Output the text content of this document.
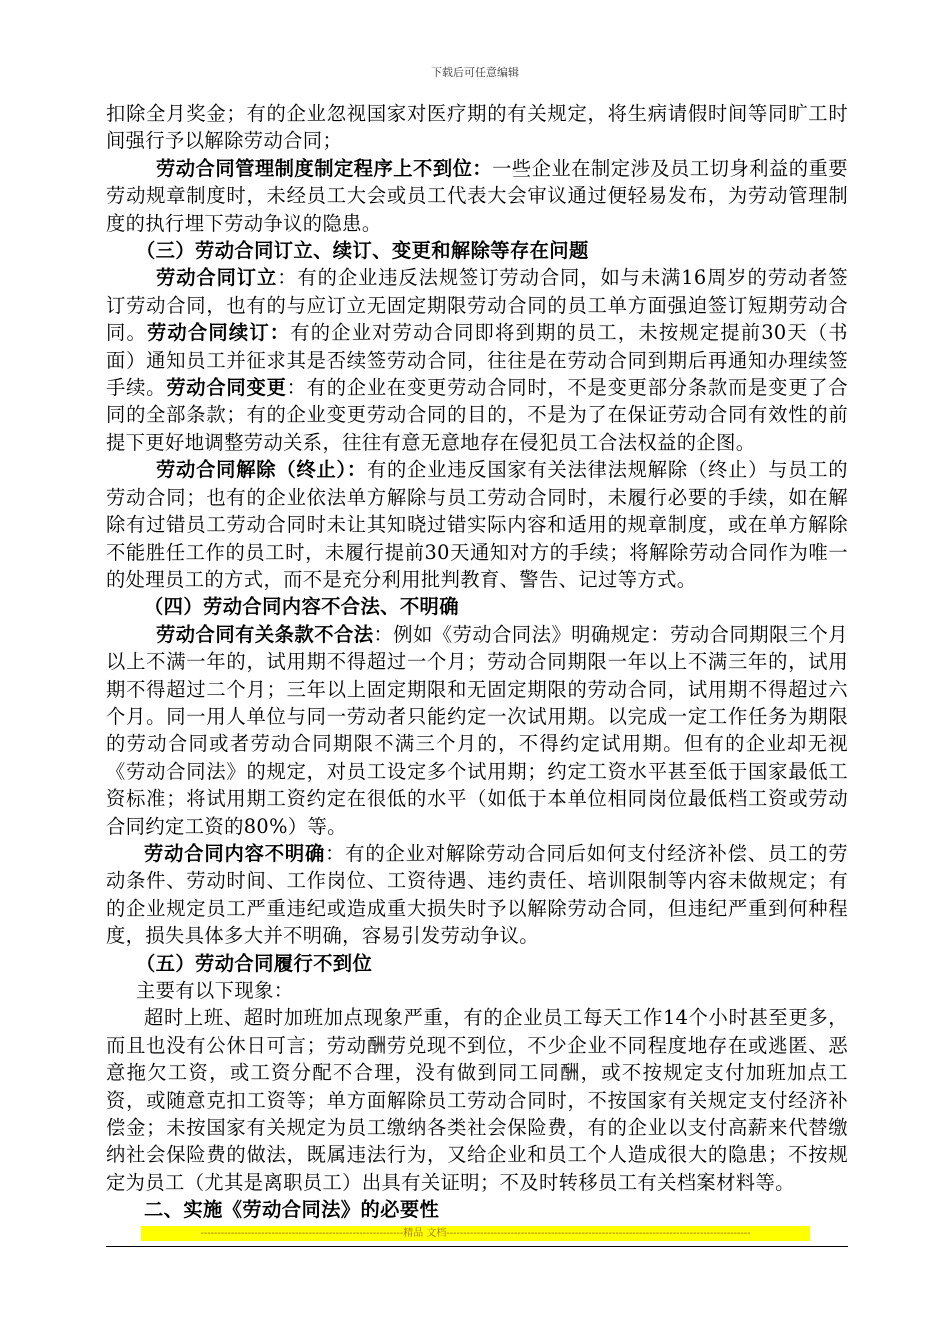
下载后可任意编辑

扣除全月奖金；有的企业忽视国家对医疗期的有关规定，将生病请假时间等同旷工时间强行予以解除劳动合同；

劳动合同管理制度制定程序上不到位：一些企业在制定涉及员工切身利益的重要劳动规章制度时，未经员工大会或员工代表大会审议通过便轻易发布，为劳动管理制度的执行埋下劳动争议的隐患。

（三）劳动合同订立、续订、变更和解除等存在问题

劳动合同订立：有的企业违反法规签订劳动合同，如与未满16周岁的劳动者签订劳动合同，也有的与应订立无固定期限劳动合同的员工单方面强迫签订短期劳动合同。劳动合同续订：有的企业对劳动合同即将到期的员工，未按规定提前30天（书面）通知员工并征求其是否续签劳动合同，往往是在劳动合同到期后再通知办理续签手续。劳动合同变更：有的企业在变更劳动合同时，不是变更部分条款而是变更了合同的全部条款；有的企业变更劳动合同的目的，不是为了在保证劳动合同有效性的前提下更好地调整劳动关系，往往有意无意地存在侵犯员工合法权益的企图。

劳动合同解除（终止）：有的企业违反国家有关法律法规解除（终止）与员工的劳动合同；也有的企业依法单方解除与员工劳动合同时，未履行必要的手续，如在解除有过错员工劳动合同时未让其知晓过错实际内容和适用的规章制度，或在单方解除不能胜任工作的员工时，未履行提前30天通知对方的手续；将解除劳动合同作为唯一的处理员工的方式，而不是充分利用批判教育、警告、记过等方式。

（四）劳动合同内容不合法、不明确

劳动合同有关条款不合法：例如《劳动合同法》明确规定：劳动合同期限三个月以上不满一年的，试用期不得超过一个月；劳动合同期限一年以上不满三年的，试用期不得超过二个月；三年以上固定期限和无固定期限的劳动合同，试用期不得超过六个月。同一用人单位与同一劳动者只能约定一次试用期。以完成一定工作任务为期限的劳动合同或者劳动合同期限不满三个月的，不得约定试用期。但有的企业却无视《劳动合同法》的规定，对员工设定多个试用期；约定工资水平甚至低于国家最低工资标准；将试用期工资约定在很低的水平（如低于本单位相同岗位最低档工资或劳动合同约定工资的80%）等。

劳动合同内容不明确：有的企业对解除劳动合同后如何支付经济补偿、员工的劳动条件、劳动时间、工作岗位、工资待遇、违约责任、培训限制等内容未做规定；有的企业规定员工严重违纪或造成重大损失时予以解除劳动合同，但违纪严重到何种程度，损失具体多大并不明确，容易引发劳动争议。

（五）劳动合同履行不到位

主要有以下现象：

超时上班、超时加班加点现象严重，有的企业员工每天工作14个小时甚至更多，而且也没有公休日可言；劳动酬劳兑现不到位，不少企业不同程度地存在或逃匿、恶意拖欠工资，或工资分配不合理，没有做到同工同酬，或不按规定支付加班加点工资，或随意克扣工资等；单方面解除员工劳动合同时，不按国家有关规定支付经济补偿金；未按国家有关规定为员工缴纳各类社会保险费，有的企业以支付高薪来代替缴纳社会保险费的做法，既属违法行为，又给企业和员工个人造成很大的隐患；不按规定为员工（尤其是离职员工）出具有关证明；不及时转移员工有关档案材料等。

二、实施《劳动合同法》的必要性

------------------------------------------------------------精品 文档------------------------------------------------------------------------------------------
